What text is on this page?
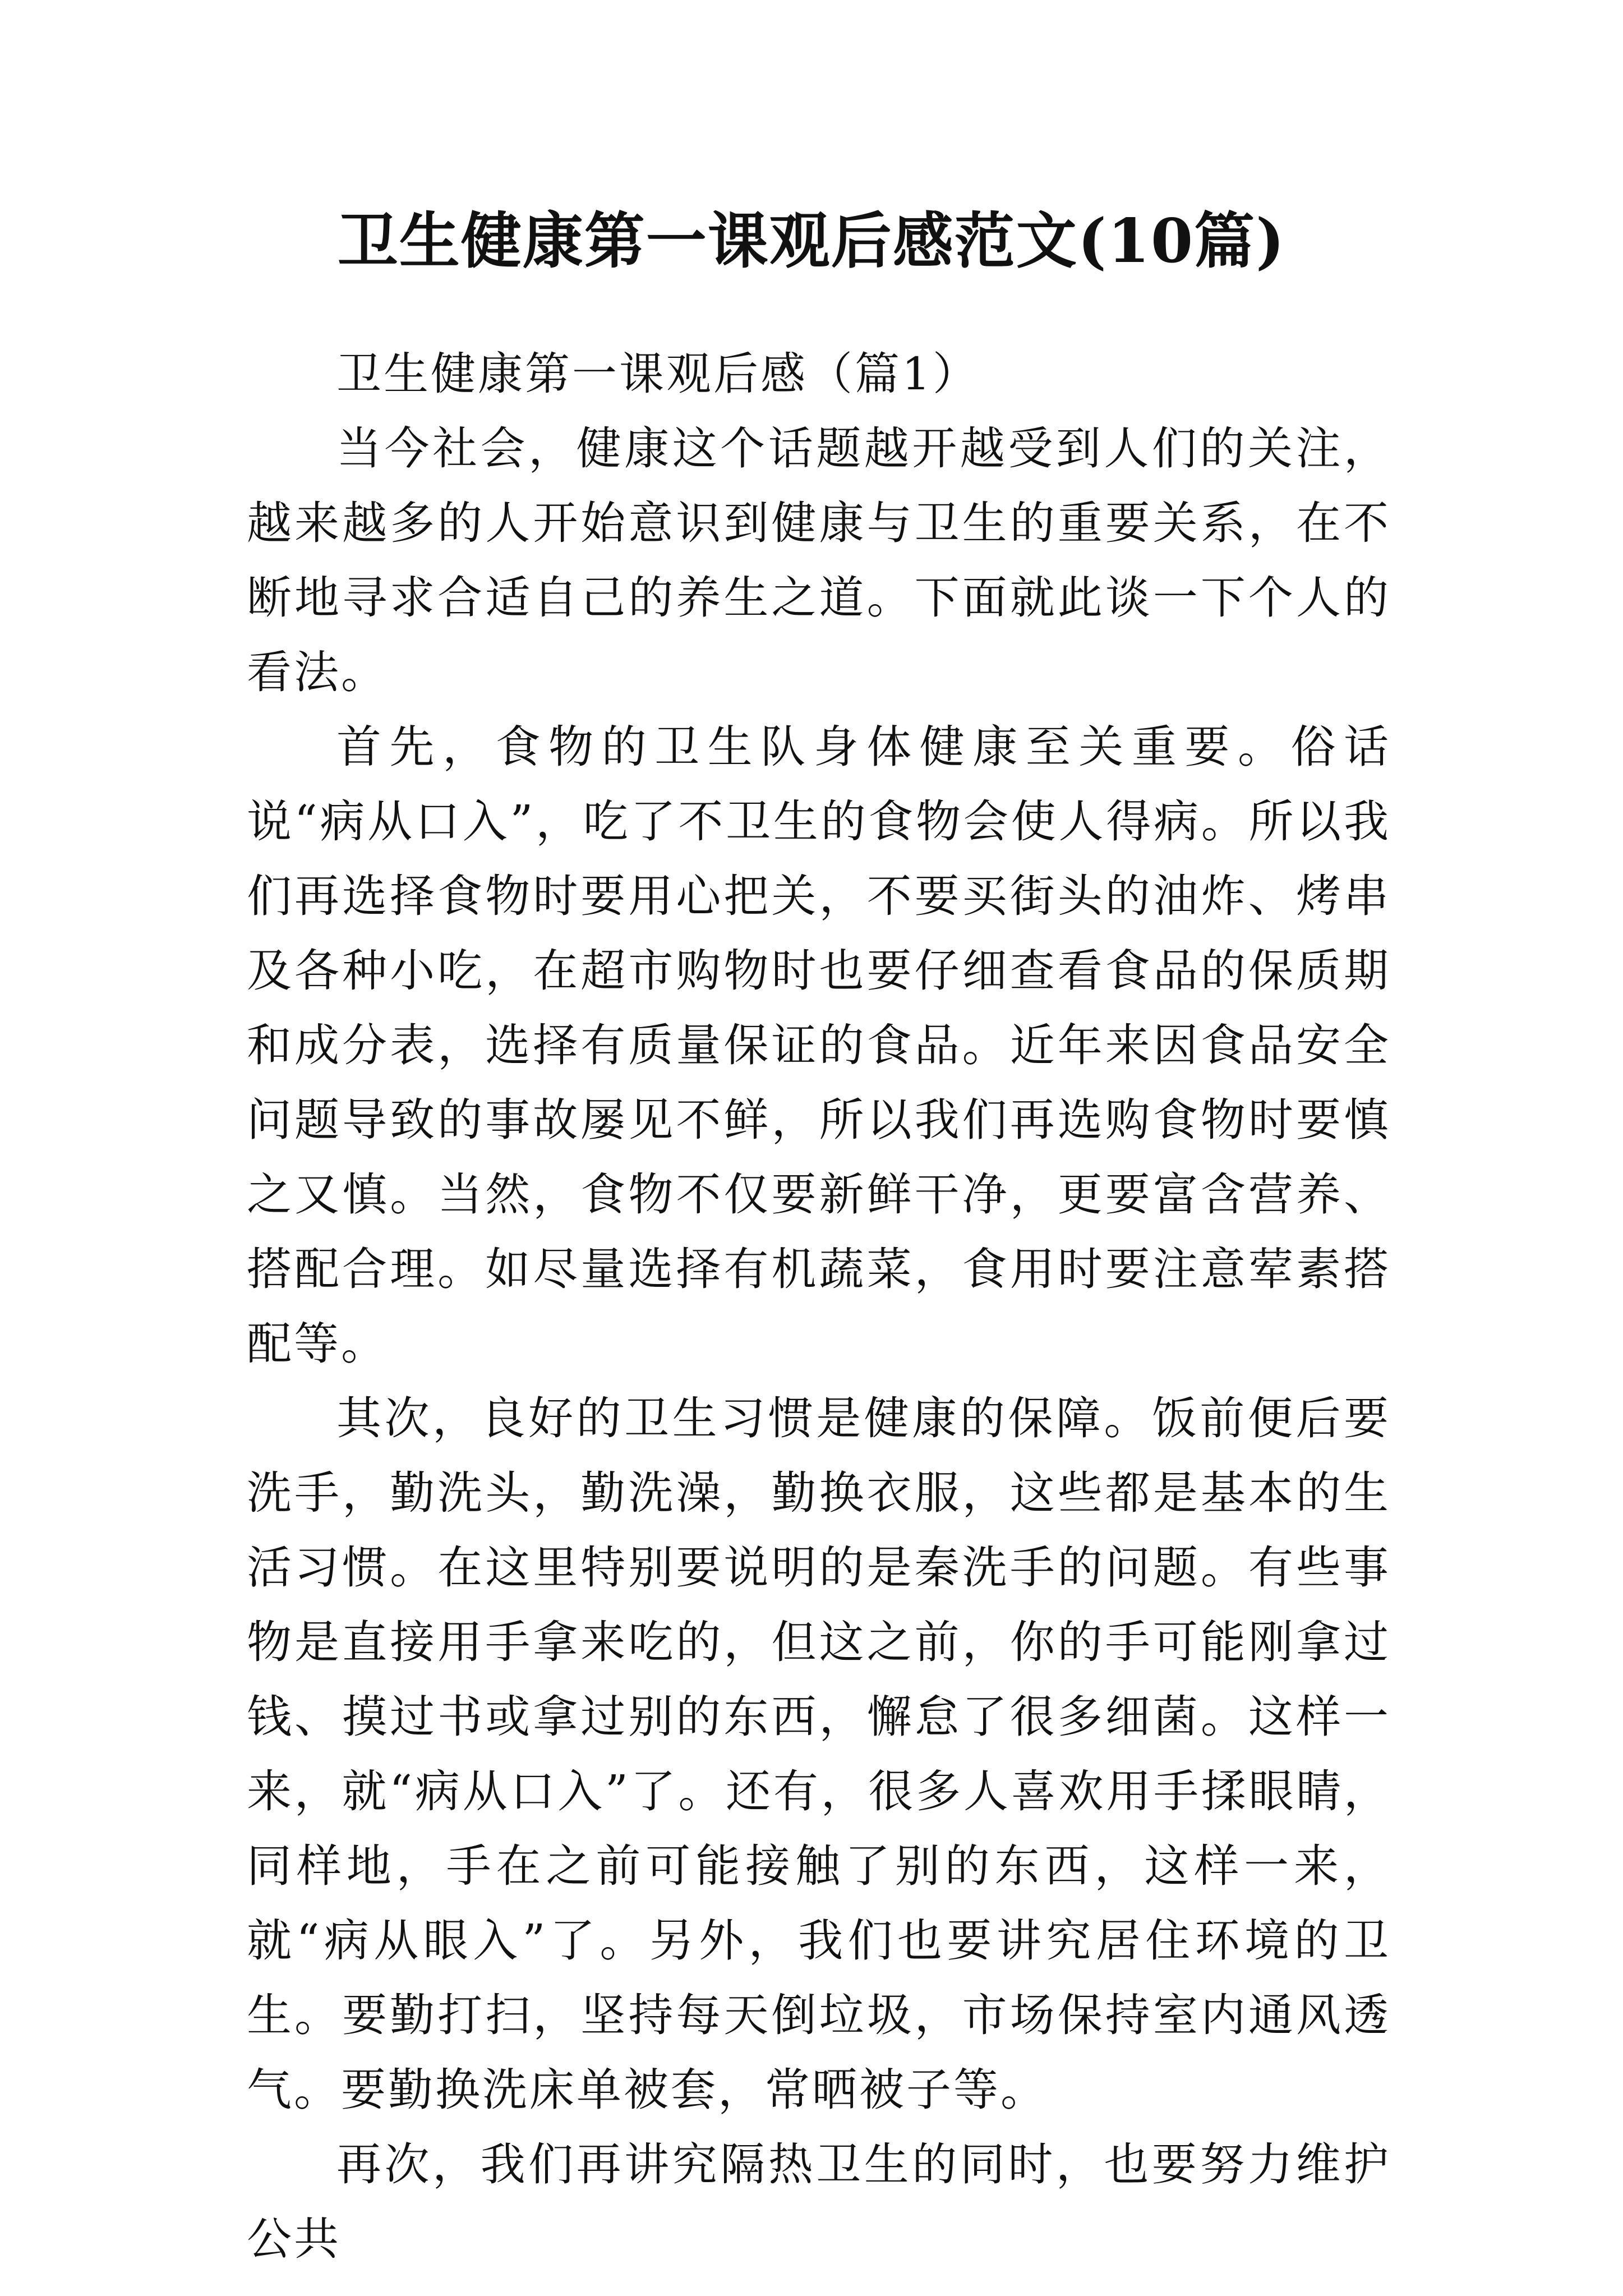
卫生健康第一课观后感范文(10篇)

卫生健康第一课观后感（篇1）

当今社会，健康这个话题越开越受到人们的关注，越来越多的人开始意识到健康与卫生的重要关系，在不断地寻求合适自己的养生之道。下面就此谈一下个人的看法。

首先，食物的卫生队身体健康至关重要。俗话说“病从口入”，吃了不卫生的食物会使人得病。所以我们再选择食物时要用心把关，不要买街头的油炸、烤串及各种小吃，在超市购物时也要仔细查看食品的保质期和成分表，选择有质量保证的食品。近年来因食品安全问题导致的事故屡见不鲜，所以我们再选购食物时要慎之又慎。当然，食物不仅要新鲜干净，更要富含营养、搭配合理。如尽量选择有机蔬菜，食用时要注意荤素搭配等。

其次，良好的卫生习惯是健康的保障。饭前便后要洗手，勤洗头，勤洗澡，勤换衣服，这些都是基本的生活习惯。在这里特别要说明的是秦洗手的问题。有些事物是直接用手拿来吃的，但这之前，你的手可能刚拿过钱、摸过书或拿过别的东西，懈怠了很多细菌。这样一来，就“病从口入”了。还有，很多人喜欢用手揉眼睛，同样地，手在之前可能接触了别的东西，这样一来，就“病从眼入”了。另外，我们也要讲究居住环境的卫生。要勤打扫，坚持每天倒垃圾，市场保持室内通风透气。要勤换洗床单被套，常晒被子等。

再次，我们再讲究隔热卫生的同时，也要努力维护公共
